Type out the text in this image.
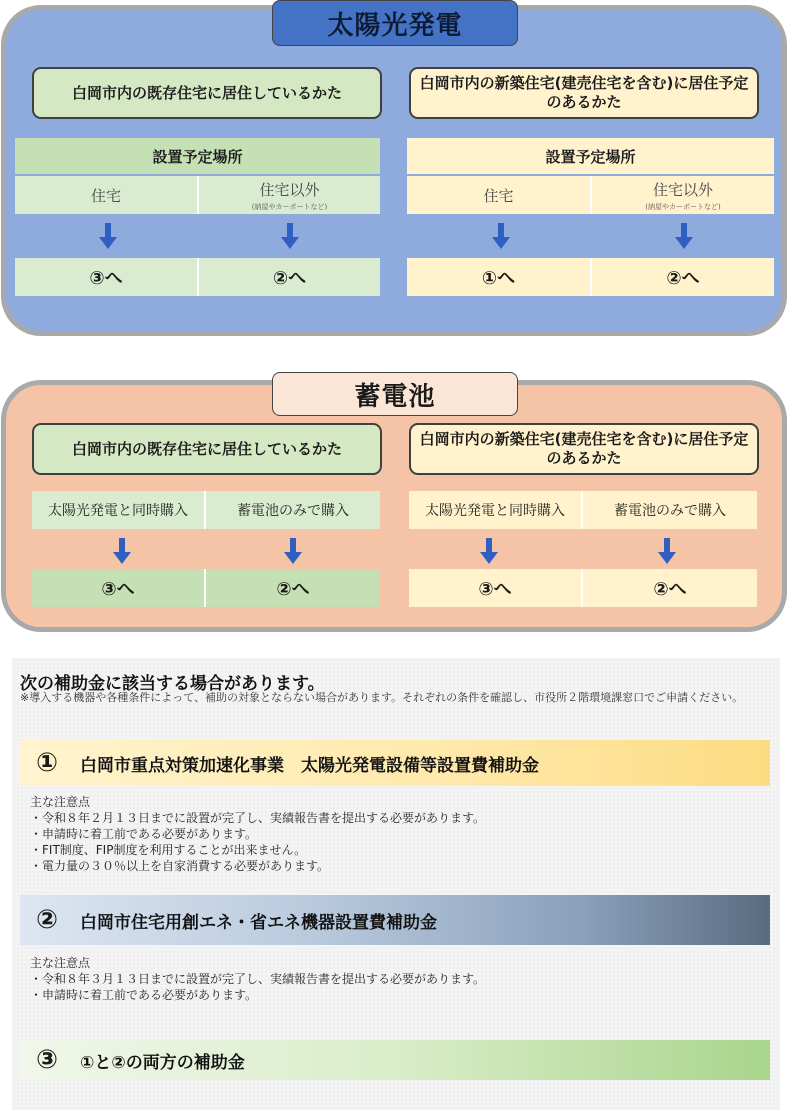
太陽光発電
白岡市内の既存住宅に居住しているかた
設置予定場所
住宅	住宅以外
(納屋やカーポートなど)
③へ	②へ
白岡市内の新築住宅(建売住宅を含む)に居住予定のあるかた
設置予定場所
住宅	住宅以外
(納屋やカーポートなど)
①へ	②へ
蓄電池
白岡市内の既存住宅に居住しているかた
太陽光発電と同時購入	蓄電池のみで購入
③へ	②へ
白岡市内の新築住宅(建売住宅を含む)に居住予定のあるかた
太陽光発電と同時購入	蓄電池のみで購入
③へ	②へ
次の補助金に該当する場合があります。
※導入する機器や各種条件によって、補助の対象とならない場合があります。それぞれの条件を確認し、市役所２階環境課窓口でご申請ください。
①	白岡市重点対策加速化事業　太陽光発電設備等設置費補助金
主な注意点
・令和８年２月１３日までに設置が完了し、実績報告書を提出する必要があります。
・申請時に着工前である必要があります。
・FIT制度、FIP制度を利用することが出来ません。
・電力量の３０％以上を自家消費する必要があります。
②	白岡市住宅用創エネ・省エネ機器設置費補助金
主な注意点
・令和８年３月１３日までに設置が完了し、実績報告書を提出する必要があります。
・申請時に着工前である必要があります。
③	①と②の両方の補助金
